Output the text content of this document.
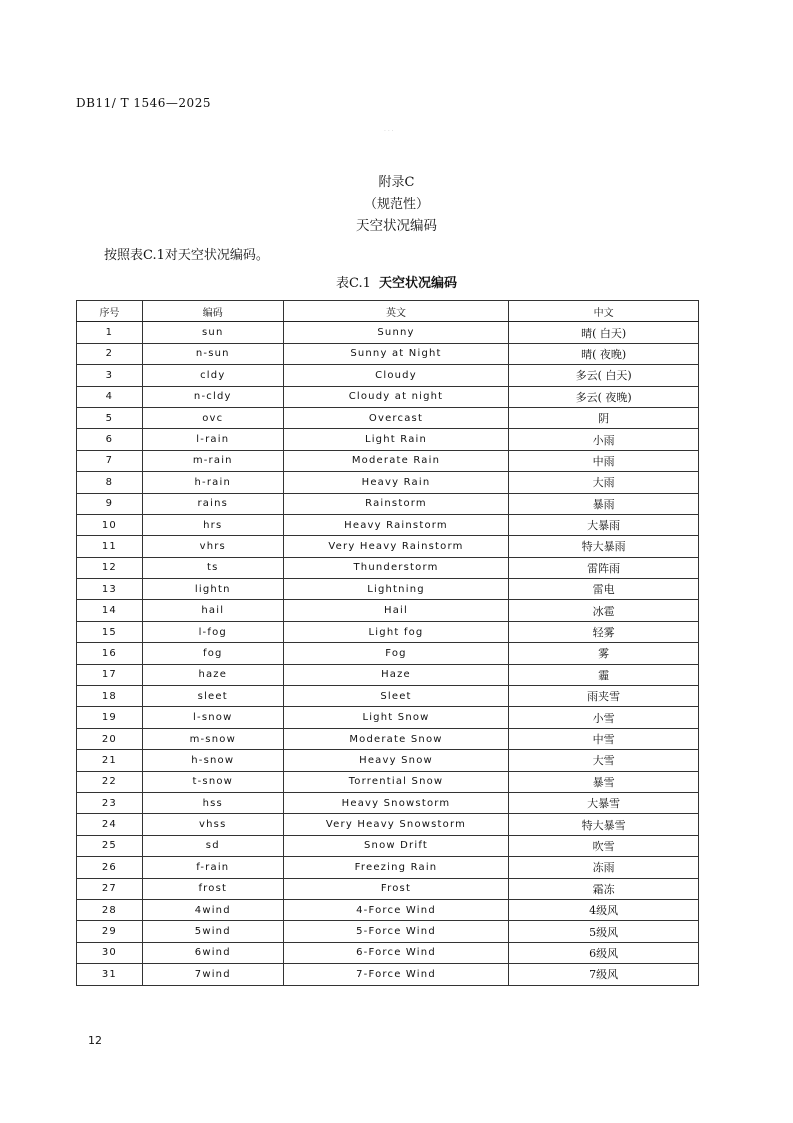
DB11/ T 1546—2025
· · ·
附录C
（规范性）
天空状况编码
按照表C.1对天空状况编码。
表C.1 天空状况编码
序号	编码	英文	中文
1	sun	Sunny	晴( 白天)
2	n-sun	Sunny at Night	晴( 夜晚)
3	cldy	Cloudy	多云( 白天)
4	n-cldy	Cloudy at night	多云( 夜晚)
5	ovc	Overcast	阴
6	l-rain	Light Rain	小雨
7	m-rain	Moderate Rain	中雨
8	h-rain	Heavy Rain	大雨
9	rains	Rainstorm	暴雨
10	hrs	Heavy Rainstorm	大暴雨
11	vhrs	Very Heavy Rainstorm	特大暴雨
12	ts	Thunderstorm	雷阵雨
13	lightn	Lightning	雷电
14	hail	Hail	冰雹
15	l-fog	Light fog	轻雾
16	fog	Fog	雾
17	haze	Haze	霾
18	sleet	Sleet	雨夹雪
19	l-snow	Light Snow	小雪
20	m-snow	Moderate Snow	中雪
21	h-snow	Heavy Snow	大雪
22	t-snow	Torrential Snow	暴雪
23	hss	Heavy Snowstorm	大暴雪
24	vhss	Very Heavy Snowstorm	特大暴雪
25	sd	Snow Drift	吹雪
26	f-rain	Freezing Rain	冻雨
27	frost	Frost	霜冻
28	4wind	4-Force Wind	4级风
29	5wind	5-Force Wind	5级风
30	6wind	6-Force Wind	6级风
31	7wind	7-Force Wind	7级风
12
